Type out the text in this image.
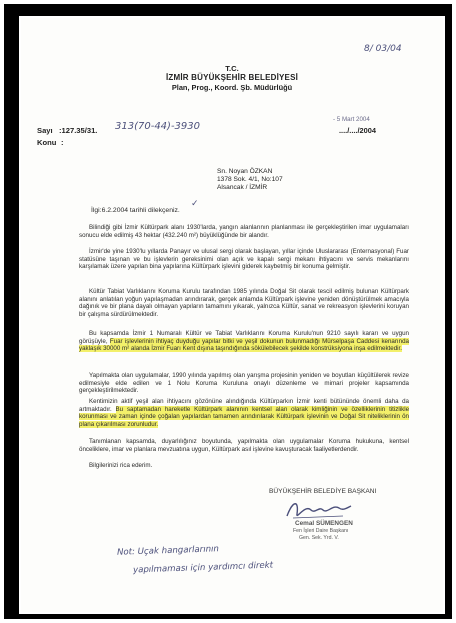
8/ 03/04
T.C.
İZMİR BÜYÜKŞEHİR BELEDİYESİ
Plan, Prog., Koord. Şb. Müdürlüğü
- 5 Mart 2004
..../..../2004
Sayı :127.35/31. 313(70-44)-3930
Konu :
Sn. Noyan ÖZKAN
1378 Sok. 4/1, No:107
Alsancak / İZMİR
İlgi:6.2.2004 tarihli dilekçeniz.
✓

Bilindiği gibi İzmir Kültürpark alanı 1930'larda, yangın alanlarının planlanması ile gerçekleştirilen imar uygulamaları sonucu elde edilmiş 43 hektar (432.240 m²) büyüklüğünde bir alandır.

İzmir'de yine 1930'lu yıllarda Panayır ve ulusal sergi olarak başlayan, yıllar içinde Uluslararası (Enternasyonal) Fuar statüsüne taşınan ve bu işlevlerin gereksinimi olan açık ve kapalı sergi mekanı ihtiyacını ve servis mekanlarını karşılamak üzere yapılan bina yapılarına Kültürpark işlevini giderek kaybetmiş bir konuma gelmiştir.

Kültür Tabiat Varlıklarını Koruma Kurulu tarafından 1985 yılında Doğal Sit olarak tescil edilmiş bulunan Kültürpark alanını anlatılan yoğun yapılaşmadan arındırarak, gerçek anlamda Kültürpark işlevine yeniden dönüştürülmek amacıyla dağınık ve bir plana dayalı olmayan yapıların tamamını yıkarak, yalnızca Kültür, sanat ve rekreasyon işlevlerini koruyan bir çalışma sürdürülmektedir.

Bu kapsamda İzmir 1 Numaralı Kültür ve Tabiat Varlıklarını Koruma Kurulu'nun 9210 sayılı kararı ve uygun görüşüyle, Fuar işlevlerinin ihtiyaç duyduğu yapılar bitki ve yeşil dokunun bulunmadığı Mürselpaşa Caddesi kenarında yaklaşık 30000 m² alanda İzmir Fuarı Kent dışına taşındığında sökülebilecek şekilde konstrüksiyona inşa edilmektedir.

Yapılmakta olan uygulamalar, 1990 yılında yapılmış olan yarışma projesinin yeniden ve boyutları küçültülerek revize edilmesiyle elde edilen ve 1 Nolu Koruma Kuruluna onaylı düzenleme ve mimari projeler kapsamında gerçekleştirilmektedir.

Kentimizin aktif yeşil alan ihtiyacını gözönüne alındığında Kültürparkın İzmir kenti bütününde önemli daha da artmaktadır. Bu saptamadan hareketle Kültürpark alanının kentsel alan olarak kimliğinin ve özelliklerinin titizlikle korunması ve zaman içinde çoğalan yapılardan tamamen arındırılarak Kültürpark işlevinin ve Doğal Sit niteliklerinin ön plana çıkarılması zorunludur.

Tanımlanan kapsamda, duyarlılığınız boyutunda, yapılmakta olan uygulamalar Koruma hukukuna, kentsel önceliklere, imar ve planlara mevzuatına uygun, Kültürpark asıl işlevine kavuşturacak faaliyetlerdendir.

Bilgilerinizi rica ederim.

BÜYÜKŞEHİR BELEDİYE BAŞKANI
Cemal SÜMENGEN
Fen İşleri Daire Başkanı
Gen. Sek. Yrd. V.
Not: Uçak hangarlarının
yapılmaması için yardımcı direkt
